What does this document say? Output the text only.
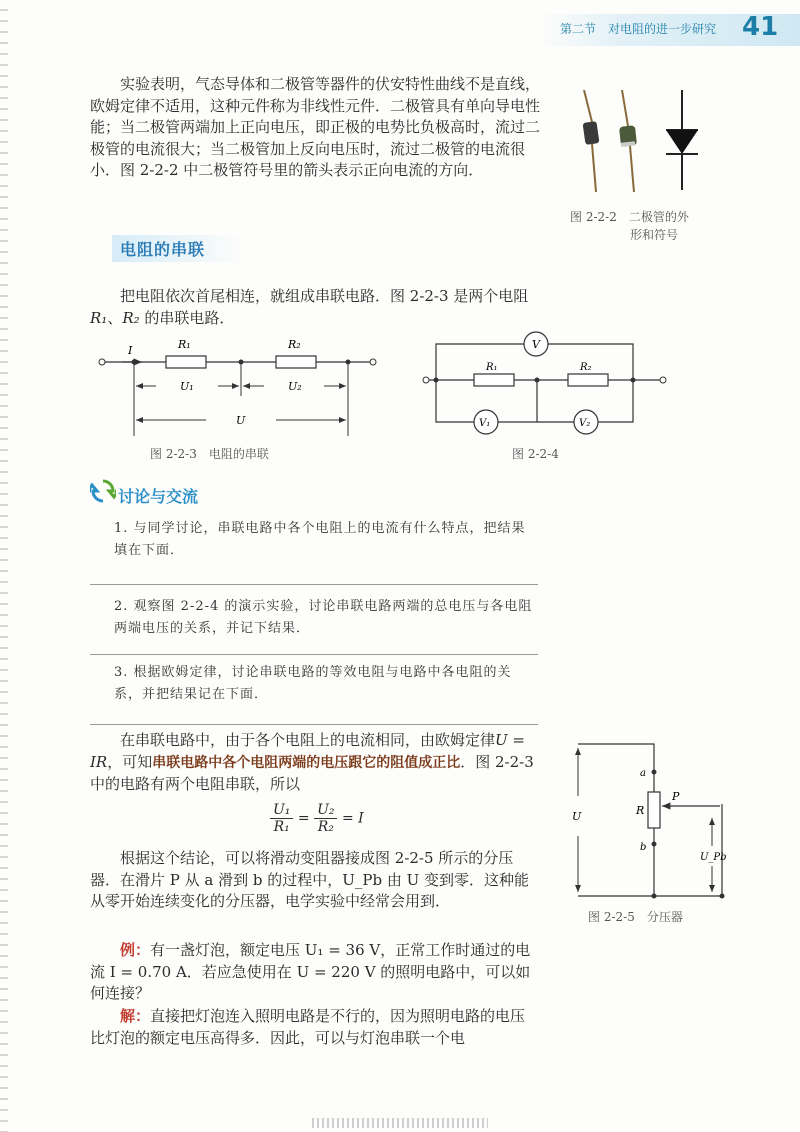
第二节　对电阻的进一步研究 41
实验表明，气态导体和二极管等器件的伏安特性曲线不是直线，欧姆定律不适用，这种元件称为非线性元件．二极管具有单向导电性能；当二极管两端加上正向电压，即正极的电势比负极高时，流过二极管的电流很大；当二极管加上反向电压时，流过二极管的电流很小．图 2-2-2 中二极管符号里的箭头表示正向电流的方向．
图 2-2-2　二极管的外
形和符号
电阻的串联
把电阻依次首尾相连，就组成串联电路．图 2-2-3 是两个电阻 R₁、R₂ 的串联电路．
I	R₁	R₂
U₁	U₂
U
图 2-2-3　电阻的串联
V
V₁	V₂
R₁	R₂
图 2-2-4
讨论与交流
1. 与同学讨论，串联电路中各个电阻上的电流有什么特点，把结果填在下面．
2. 观察图 2-2-4 的演示实验，讨论串联电路两端的总电压与各电阻两端电压的关系，并记下结果．
3. 根据欧姆定律，讨论串联电路的等效电阻与电路中各电阻的关系，并把结果记在下面．
在串联电路中，由于各个电阻上的电流相同，由欧姆定律U = IR，可知串联电路中各个电阻两端的电压跟它的阻值成正比．图 2-2-3 中的电路有两个电阻串联，所以
$\frac{\text{U₁}}{\text{R₁}} = \frac{\text{U₂}}{\text{R₂}} = I$
根据这个结论，可以将滑动变阻器接成图 2-2-5 所示的分压器．在滑片 P 从 a 滑到 b 的过程中，U_Pb 由 U 变到零．这种能从零开始连续变化的分压器，电学实验中经常会用到．
a
b
P
R
U
U_Pb
图 2-2-5　分压器
例：有一盏灯泡，额定电压 U₁ = 36 V，正常工作时通过的电流 I = 0.70 A．若应急使用在 U = 220 V 的照明电路中，可以如何连接？
解：直接把灯泡连入照明电路是不行的，因为照明电路的电压比灯泡的额定电压高得多．因此，可以与灯泡串联一个电
